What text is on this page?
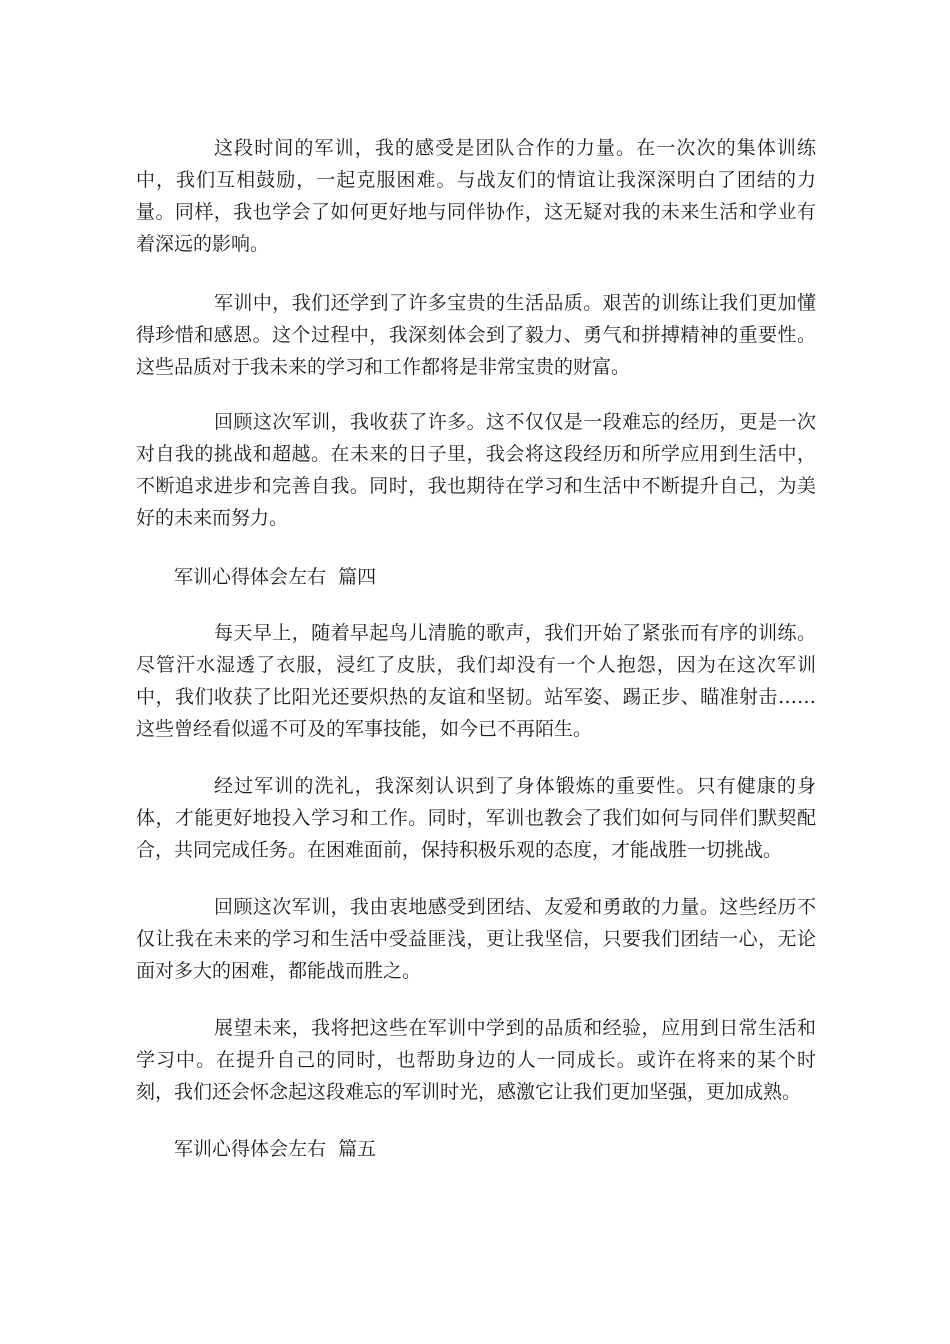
这段时间的军训，我的感受是团队合作的力量。在一次次的集体训练中，我们互相鼓励，一起克服困难。与战友们的情谊让我深深明白了团结的力量。同样，我也学会了如何更好地与同伴协作，这无疑对我的未来生活和学业有着深远的影响。

军训中，我们还学到了许多宝贵的生活品质。艰苦的训练让我们更加懂得珍惜和感恩。这个过程中，我深刻体会到了毅力、勇气和拼搏精神的重要性。这些品质对于我未来的学习和工作都将是非常宝贵的财富。

回顾这次军训，我收获了许多。这不仅仅是一段难忘的经历，更是一次对自我的挑战和超越。在未来的日子里，我会将这段经历和所学应用到生活中，不断追求进步和完善自我。同时，我也期待在学习和生活中不断提升自己，为美好的未来而努力。

军训心得体会左右  篇四

每天早上，随着早起鸟儿清脆的歌声，我们开始了紧张而有序的训练。尽管汗水湿透了衣服，浸红了皮肤，我们却没有一个人抱怨，因为在这次军训中，我们收获了比阳光还要炽热的友谊和坚韧。站军姿、踢正步、瞄准射击……这些曾经看似遥不可及的军事技能，如今已不再陌生。

经过军训的洗礼，我深刻认识到了身体锻炼的重要性。只有健康的身体，才能更好地投入学习和工作。同时，军训也教会了我们如何与同伴们默契配合，共同完成任务。在困难面前，保持积极乐观的态度，才能战胜一切挑战。

回顾这次军训，我由衷地感受到团结、友爱和勇敢的力量。这些经历不仅让我在未来的学习和生活中受益匪浅，更让我坚信，只要我们团结一心，无论面对多大的困难，都能战而胜之。

展望未来，我将把这些在军训中学到的品质和经验，应用到日常生活和学习中。在提升自己的同时，也帮助身边的人一同成长。或许在将来的某个时刻，我们还会怀念起这段难忘的军训时光，感激它让我们更加坚强，更加成熟。

军训心得体会左右  篇五
